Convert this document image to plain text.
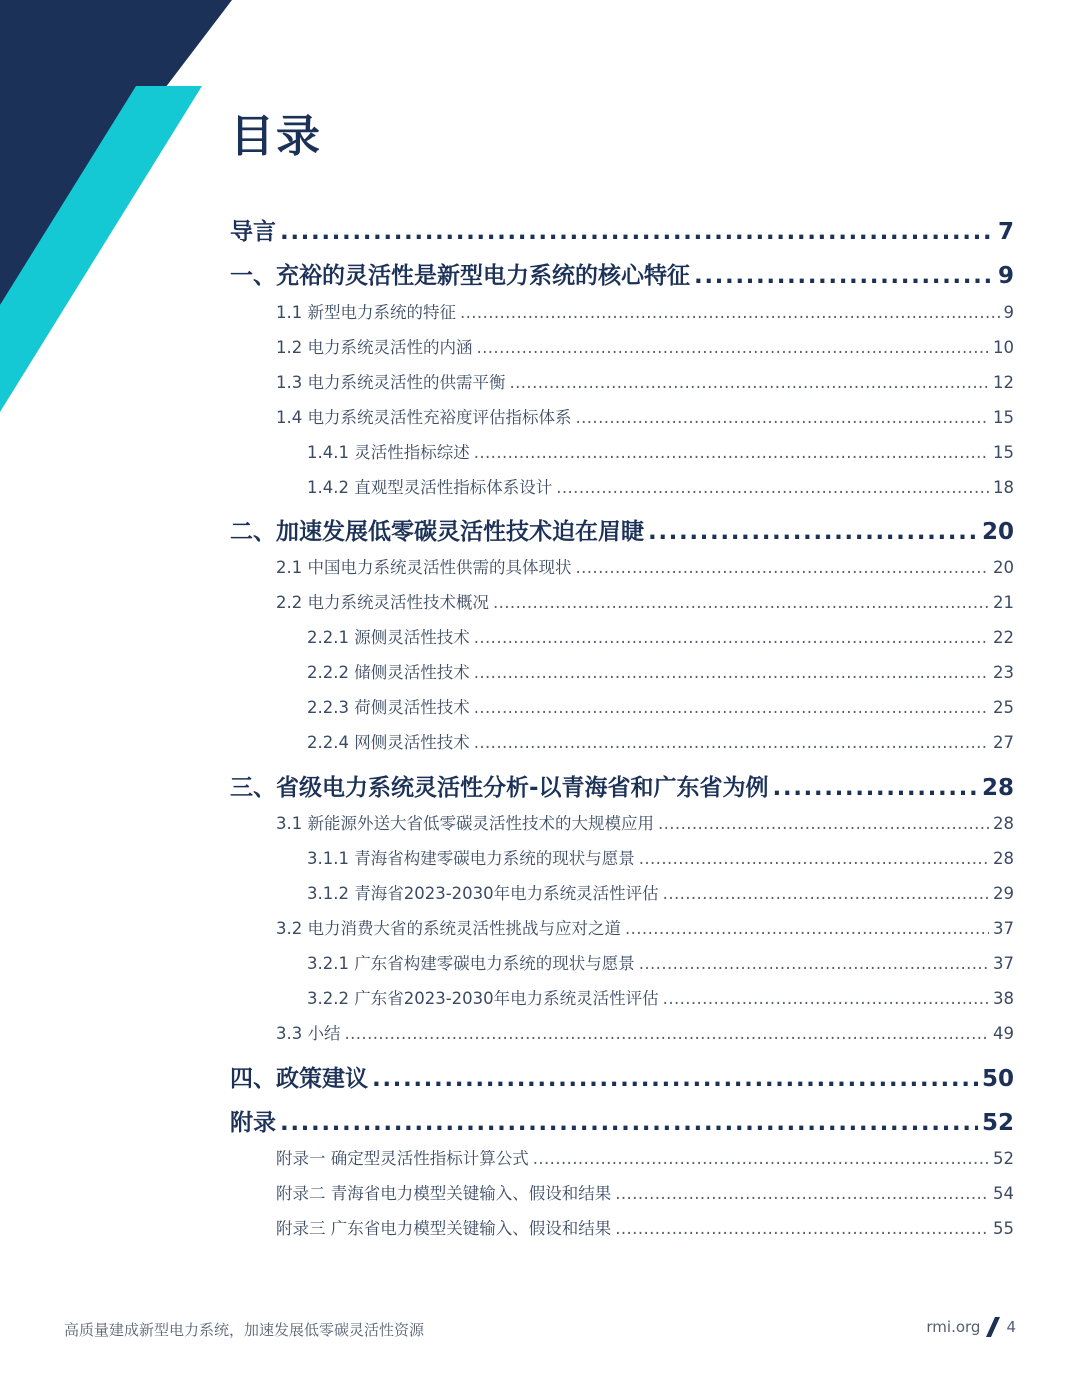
目录
导言 .....	7
一、充裕的灵活性是新型电力系统的核心特征 .....	9
1.1 新型电力系统的特征 .....	9
1.2 电力系统灵活性的内涵 .....	10
1.3 电力系统灵活性的供需平衡 .....	12
1.4 电力系统灵活性充裕度评估指标体系 .....	15
1.4.1 灵活性指标综述 .....	15
1.4.2 直观型灵活性指标体系设计 .....	18
二、加速发展低零碳灵活性技术迫在眉睫 .....	20
2.1 中国电力系统灵活性供需的具体现状 .....	20
2.2 电力系统灵活性技术概况 .....	21
2.2.1 源侧灵活性技术 .....	22
2.2.2 储侧灵活性技术 .....	23
2.2.3 荷侧灵活性技术 .....	25
2.2.4 网侧灵活性技术 .....	27
三、省级电力系统灵活性分析-以青海省和广东省为例 .....	28
3.1 新能源外送大省低零碳灵活性技术的大规模应用 .....	28
3.1.1 青海省构建零碳电力系统的现状与愿景 .....	28
3.1.2 青海省2023-2030年电力系统灵活性评估 .....	29
3.2 电力消费大省的系统灵活性挑战与应对之道 .....	37
3.2.1 广东省构建零碳电力系统的现状与愿景 .....	37
3.2.2 广东省2023-2030年电力系统灵活性评估 .....	38
3.3 小结 .....	49
四、政策建议 .....	50
附录 .....	52
附录一 确定型灵活性指标计算公式 .....	52
附录二 青海省电力模型关键输入、假设和结果 .....	54
附录三 广东省电力模型关键输入、假设和结果 .....	55
高质量建成新型电力系统，加速发展低零碳灵活性资源	rmi.org 4
